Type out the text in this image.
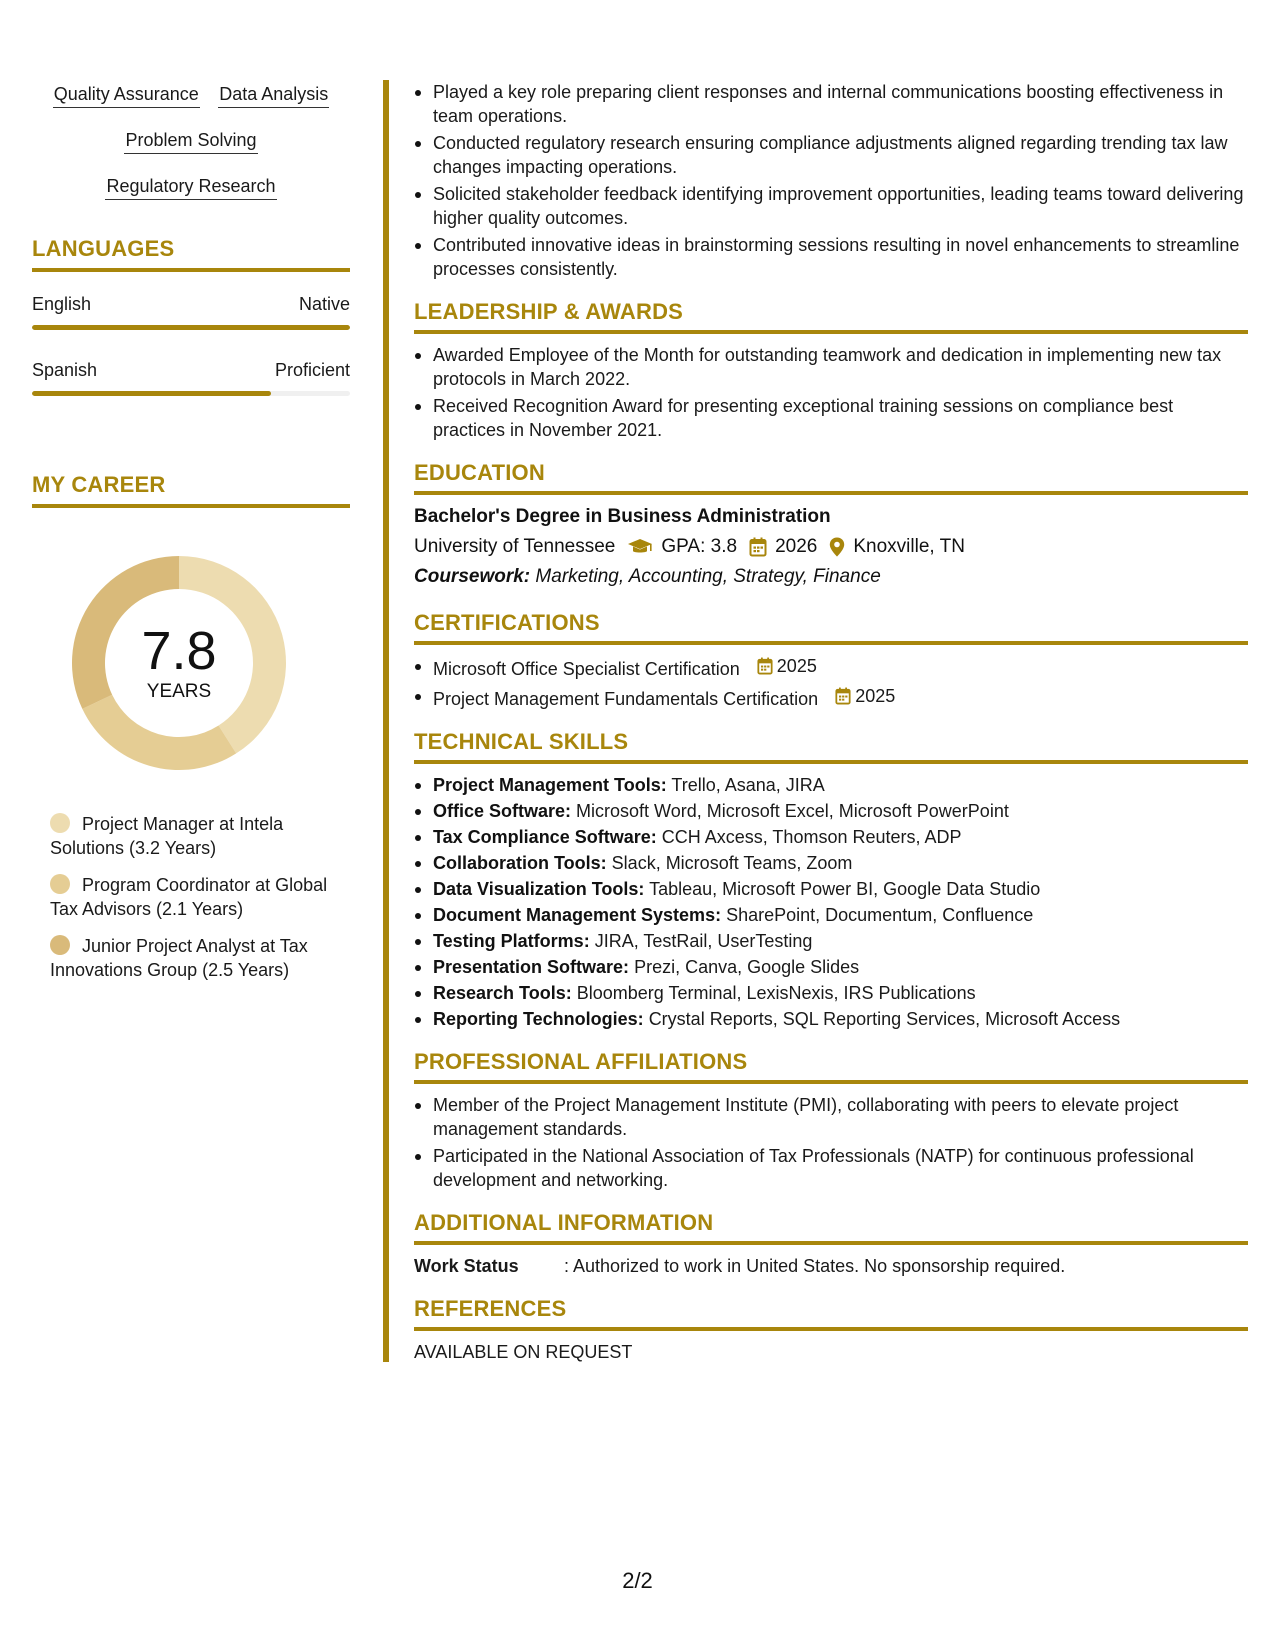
Quality Assurance Data Analysis
Problem Solving
Regulatory Research
LANGUAGES
English	Native
Spanish	Proficient
MY CAREER
7.8
YEARS
Project Manager at Intela Solutions (3.2 Years)
Program Coordinator at Global Tax Advisors (2.1 Years)
Junior Project Analyst at Tax Innovations Group (2.5 Years)
Played a key role preparing client responses and internal communications boosting effectiveness in team operations.
Conducted regulatory research ensuring compliance adjustments aligned regarding trending tax law changes impacting operations.
Solicited stakeholder feedback identifying improvement opportunities, leading teams toward delivering higher quality outcomes.
Contributed innovative ideas in brainstorming sessions resulting in novel enhancements to streamline processes consistently.
LEADERSHIP & AWARDS
Awarded Employee of the Month for outstanding teamwork and dedication in implementing new tax protocols in March 2022.
Received Recognition Award for presenting exceptional training sessions on compliance best practices in November 2021.
EDUCATION
Bachelor's Degree in Business Administration
University of Tennessee GPA: 3.8 2026 Knoxville, TN
Coursework: Marketing, Accounting, Strategy, Finance
CERTIFICATIONS
Microsoft Office Specialist Certification 2025
Project Management Fundamentals Certification 2025
TECHNICAL SKILLS
Project Management Tools: Trello, Asana, JIRA
Office Software: Microsoft Word, Microsoft Excel, Microsoft PowerPoint
Tax Compliance Software: CCH Axcess, Thomson Reuters, ADP
Collaboration Tools: Slack, Microsoft Teams, Zoom
Data Visualization Tools: Tableau, Microsoft Power BI, Google Data Studio
Document Management Systems: SharePoint, Documentum, Confluence
Testing Platforms: JIRA, TestRail, UserTesting
Presentation Software: Prezi, Canva, Google Slides
Research Tools: Bloomberg Terminal, LexisNexis, IRS Publications
Reporting Technologies: Crystal Reports, SQL Reporting Services, Microsoft Access
PROFESSIONAL AFFILIATIONS
Member of the Project Management Institute (PMI), collaborating with peers to elevate project management standards.
Participated in the National Association of Tax Professionals (NATP) for continuous professional development and networking.
ADDITIONAL INFORMATION
Work Status	: Authorized to work in United States. No sponsorship required.
REFERENCES
AVAILABLE ON REQUEST
2/2
